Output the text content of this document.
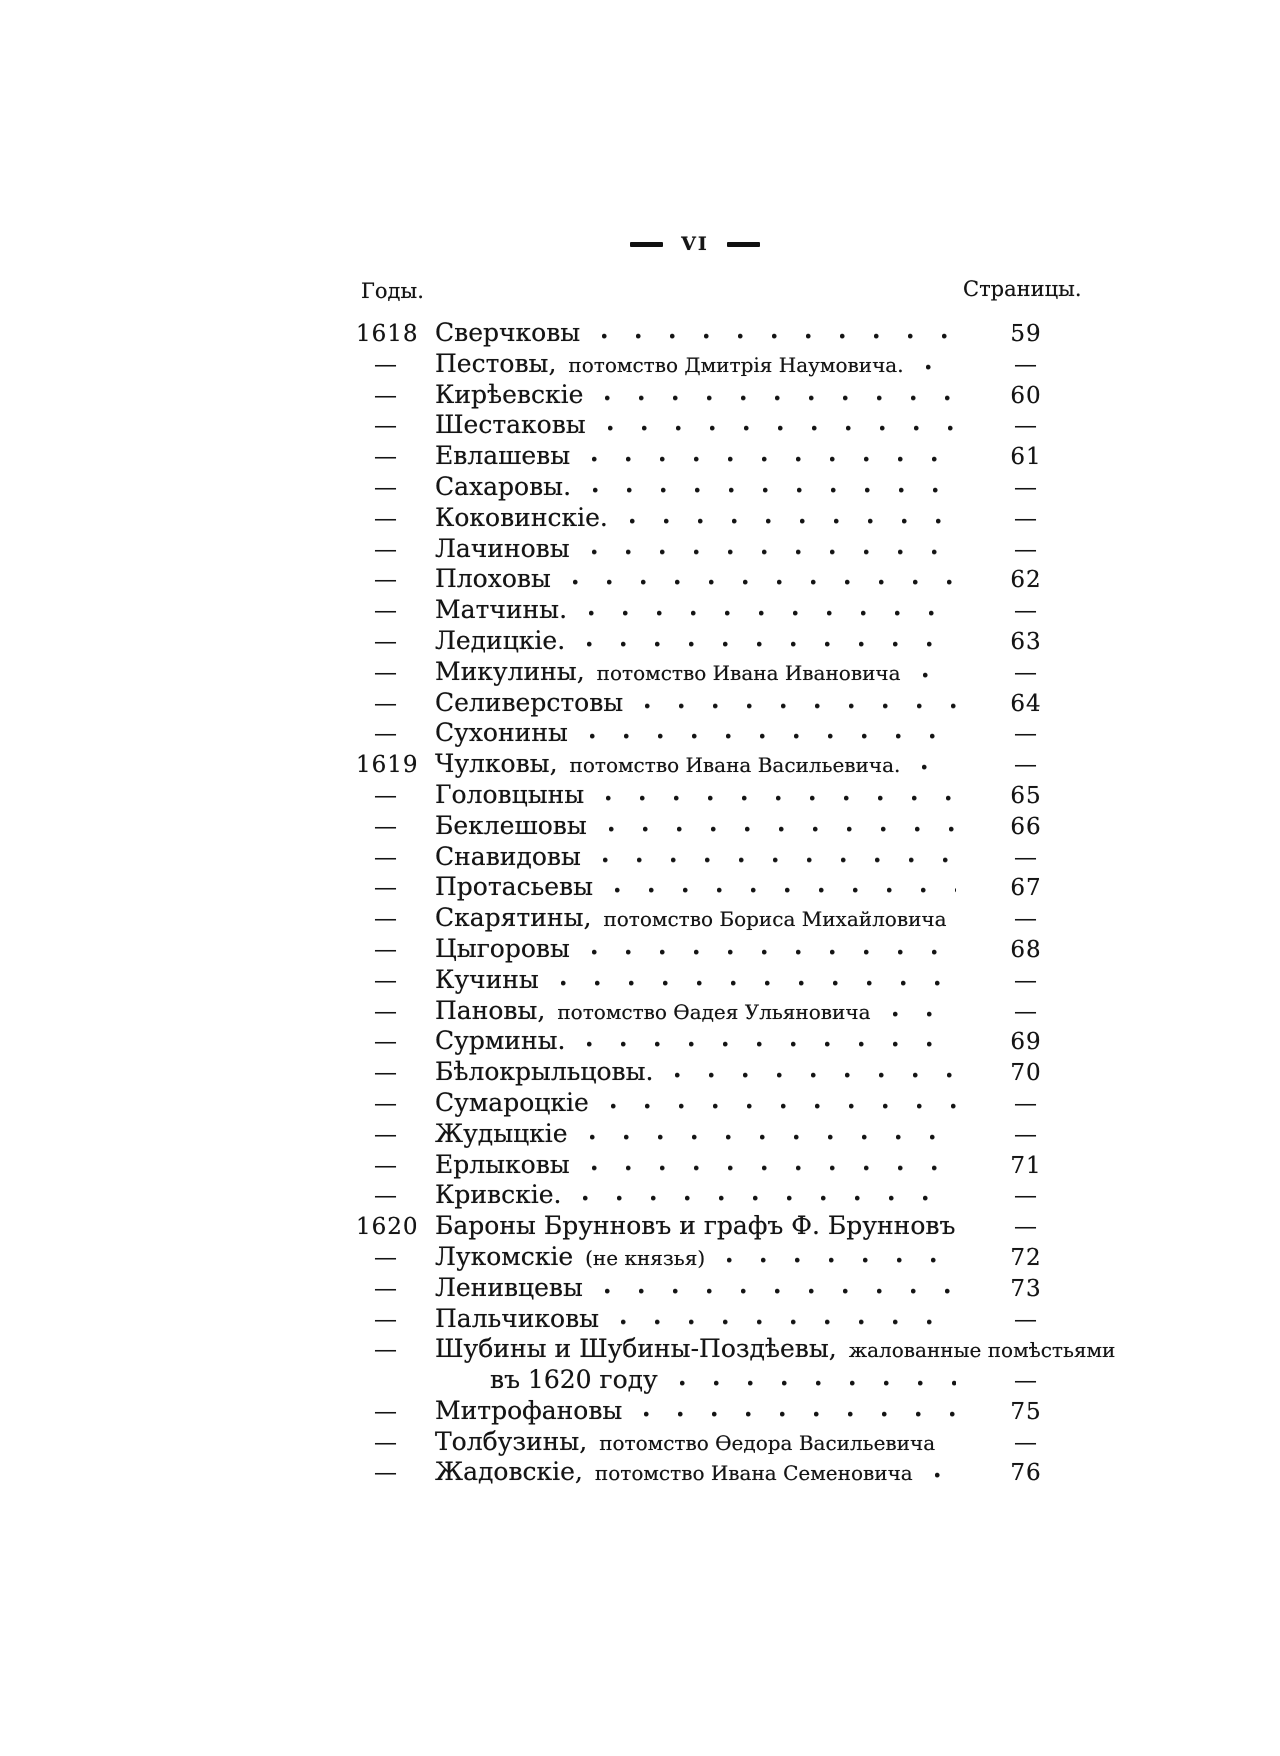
VI
Годы.	Страницы.
1618 Сверчковы	59
—	Пестовы, потомство Дмитрія Наумовича.	—
—	Кирѣевскіе	60
—	Шестаковы	—
—	Евлашевы	61
—	Сахаровы.	—
—	Коковинскіе.	—
—	Лачиновы	—
—	Плоховы	62
—	Матчины.	—
—	Ледицкіе.	63
—	Микулины, потомство Ивана Ивановича	—
—	Селиверстовы	64
—	Сухонины	—
1619 Чулковы, потомство Ивана Васильевича.	—
—	Головцыны	65
—	Беклешовы	66
—	Снавидовы	—
—	Протасьевы	67
—	Скарятины, потомство Бориса Михайловича	—
—	Цыгоровы	68
—	Кучины	—
—	Пановы, потомство Ѳадея Ульяновича	—
—	Сурмины.	69
—	Бѣлокрыльцовы.	70
—	Сумароцкіе	—
—	Жудыцкіе	—
—	Ерлыковы	71
—	Кривскіе.	—
1620 Бароны Брунновъ и графъ Ф. Брунновъ	—
—	Лукомскіе (не князья)	72
—	Ленивцевы	73
—	Пальчиковы	—
—	Шубины и Шубины-Поздѣевы, жалованные помѣстьями
въ 1620 году	—
—	Митрофановы	75
—	Толбузины, потомство Ѳедора Васильевича	—
—	Жадовскіе, потомство Ивана Семеновича	76
